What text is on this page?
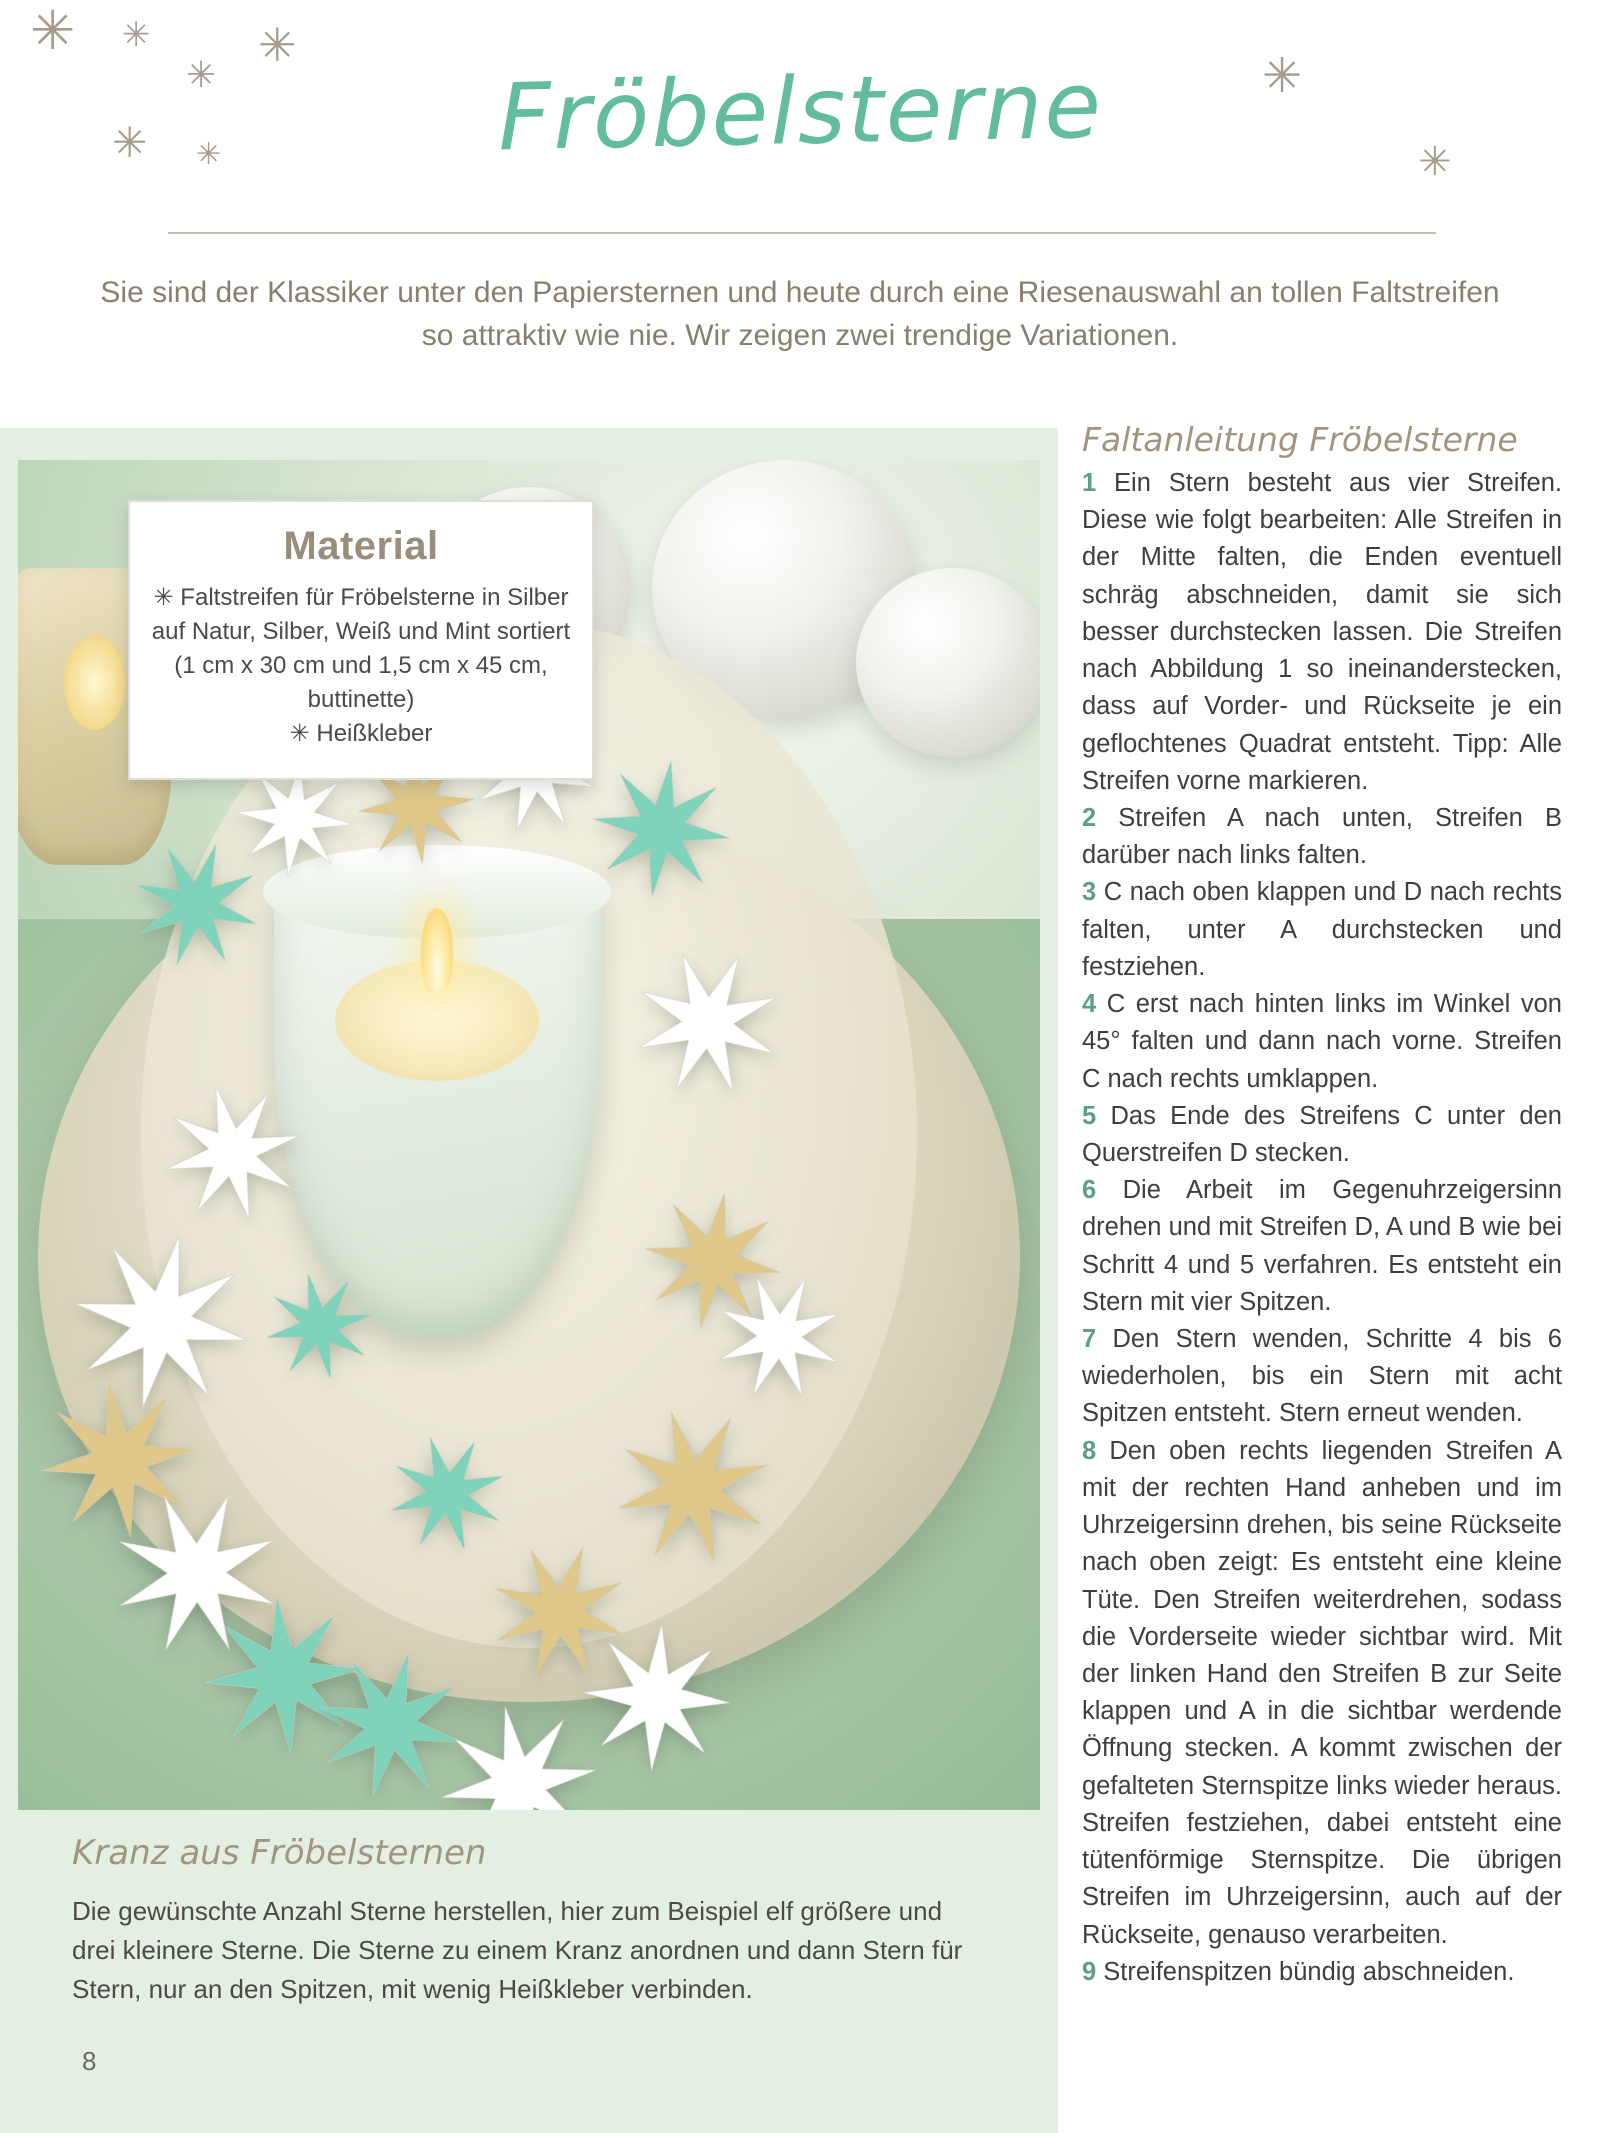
✳ ✳ ✳
✳
✳ ✳
✳
✳
Fröbelsterne
Sie sind der Klassiker unter den Papiersternen und heute durch eine Riesenauswahl an tollen Faltstreifen so attraktiv wie nie. Wir zeigen zwei trendige Variationen.
Material
✳ Faltstreifen für Fröbelsterne in Silber auf Natur, Silber, Weiß und Mint sortiert (1 cm x 30 cm und 1,5 cm x 45 cm, buttinette)
✳ Heißkleber
Kranz aus Fröbelsternen
Die gewünschte Anzahl Sterne herstellen, hier zum Beispiel elf größere und drei kleinere Sterne. Die Sterne zu einem Kranz anordnen und dann Stern für Stern, nur an den Spitzen, mit wenig Heißkleber verbinden.
8
Faltanleitung Fröbelsterne

1 Ein Stern besteht aus vier Streifen. Diese wie folgt bearbeiten: Alle Streifen in der Mitte falten, die Enden eventuell schräg abschneiden, damit sie sich besser durchstecken lassen. Die Streifen nach Abbildung 1 so ineinanderstecken, dass auf Vorder- und Rückseite je ein geflochtenes Quadrat entsteht. Tipp: Alle Streifen vorne markieren.

2 Streifen A nach unten, Streifen B darüber nach links falten.

3 C nach oben klappen und D nach rechts falten, unter A durchstecken und festziehen.

4 C erst nach hinten links im Winkel von 45° falten und dann nach vorne. Streifen C nach rechts umklappen.

5 Das Ende des Streifens C unter den Querstreifen D stecken.

6 Die Arbeit im Gegenuhrzeigersinn drehen und mit Streifen D, A und B wie bei Schritt 4 und 5 verfahren. Es entsteht ein Stern mit vier Spitzen.

7 Den Stern wenden, Schritte 4 bis 6 wiederholen, bis ein Stern mit acht Spitzen entsteht. Stern erneut wenden.

8 Den oben rechts liegenden Streifen A mit der rechten Hand anheben und im Uhrzeigersinn drehen, bis seine Rückseite nach oben zeigt: Es entsteht eine kleine Tüte. Den Streifen weiterdrehen, sodass die Vorderseite wieder sichtbar wird. Mit der linken Hand den Streifen B zur Seite klappen und A in die sichtbar werdende Öffnung stecken. A kommt zwischen der gefalteten Sternspitze links wieder heraus. Streifen festziehen, dabei entsteht eine tütenförmige Sternspitze. Die übrigen Streifen im Uhrzeigersinn, auch auf der Rückseite, genauso verarbeiten.

9 Streifenspitzen bündig abschneiden.
